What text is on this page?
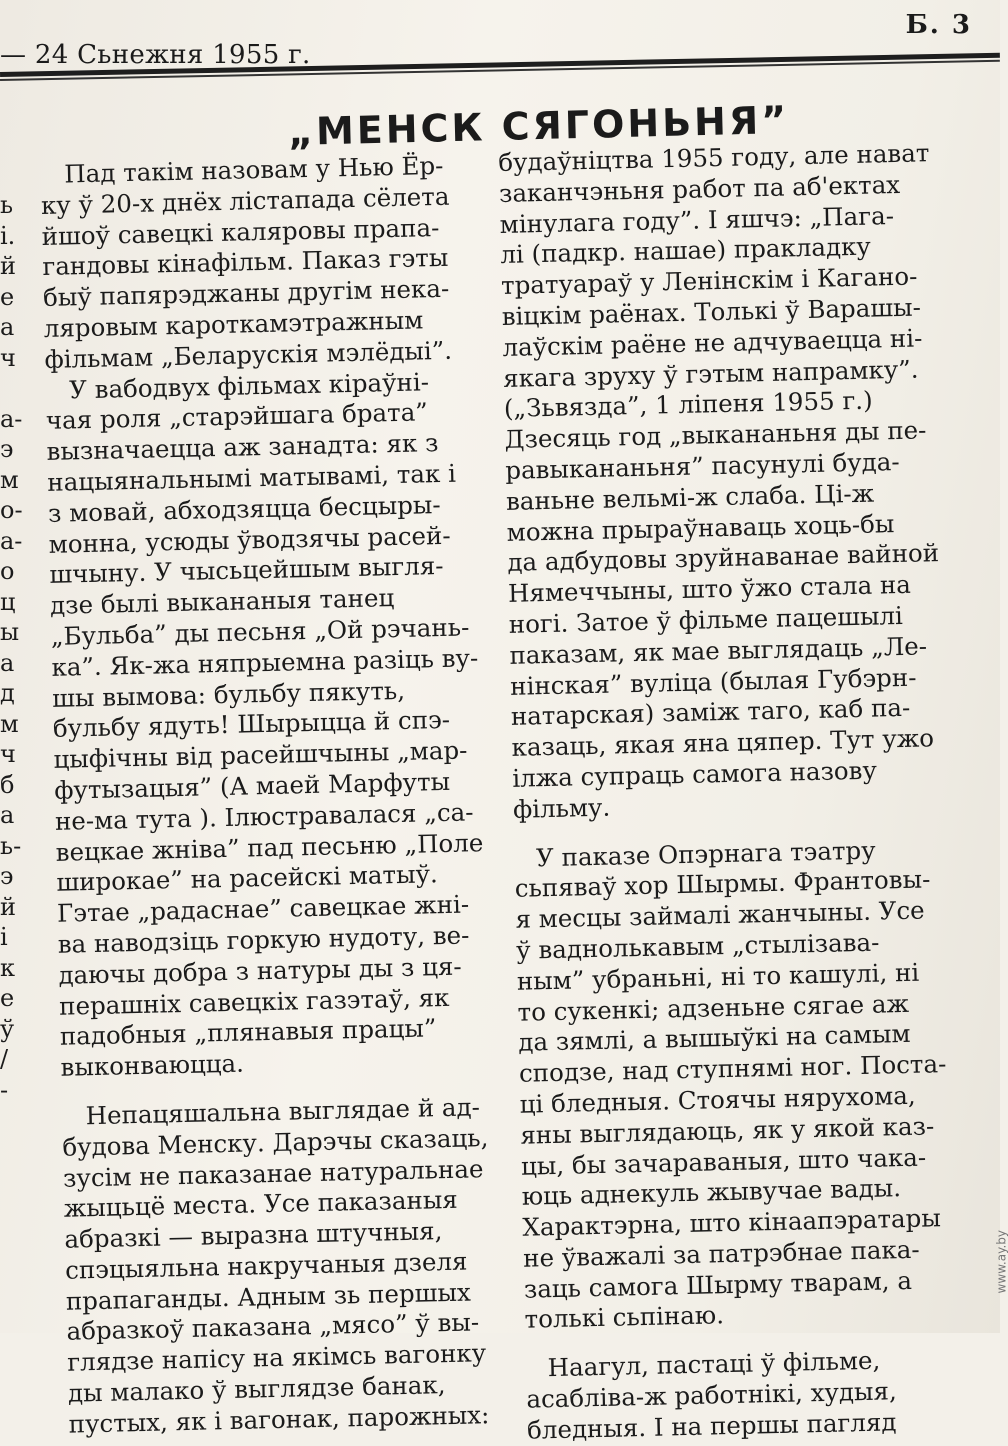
— 24 Сьнежня 1955 г.
Б. 3
ь
і.
й
е
а
ч
а-
э
м
о-
а-
о
ц
ы
а
д
м
ч
б
а
ь-
э
й
і
к
е
ў
/
-
„МЕНСК СЯГОНЬНЯ”
Пад такім назовам у Нью Ёр-
ку ў 20-х днёх лістапада сёлета
йшоў савецкі каляровы прапа-
гандовы кінафільм. Паказ гэты
быў папярэджаны другім нека-
ляровым кароткамэтражным
фільмам „Беларускія мэлёдыі”.
У вабодвух фільмах кіраўні-
чая роля „старэйшага брата”
вызначаецца аж занадта: як з
нацыянальнымі матывамі, так і
з мовай, абходзяцца бесцыры-
монна, усюды ўводзячы расей-
шчыну. У чысьцейшым выгля-
дзе былі выкананыя танец
„Бульба” ды песьня „Ой рэчань-
ка”. Як-жа няпрыемна разіць ву-
шы вымова: бульбу пякуть,
бульбу ядуть! Шырыцца й спэ-
цыфічны від расейшчыны „мар-
футызацыя” (А маей Марфуты
не-ма тута ). Ілюстравалася „са-
вецкае жніва” пад песьню „Поле
широкае” на расейскі матыў.
Гэтае „радаснае” савецкае жні-
ва наводзіць горкую нудоту, ве-
даючы добра з натуры ды з ця-
перашніх савецкіх газэтаў, як
падобныя „плянавыя працы”
выконваюцца.
Непацяшальна выглядае й ад-
будова Менску. Дарэчы сказаць,
зусім не паказанае натуральнае
жыцьцё места. Усе паказаныя
абразкі — выразна штучныя,
спэцыяльна накручаныя дзеля
прапаганды. Адным зь першых
абразкоў паказана „мясо” ў вы-
глядзе напісу на якімсь вагонку
ды малако ў выглядзе банак,
пустых, як і вагонак, парожных:
будаўніцтва 1955 году, але нават
заканчэньня работ па аб'ектах
мінулага году”. І яшчэ: „Пага-
лі (падкр. нашае) пракладку
тратуараў у Ленінскім і Кагано-
віцкім раёнах. Толькі ў Варашы-
лаўскім раёне не адчуваецца ні-
якага зруху ў гэтым напрамку”.
(„Зьвязда”, 1 ліпеня 1955 г.)
Дзесяць год „выкананьня ды пе-
равыкананьня” пасунулі буда-
ваньне вельмі-ж слаба. Ці-ж
можна прыраўнаваць хоць-бы
да адбудовы зруйнаванае вайной
Нямеччыны, што ўжо стала на
ногі. Затое ў фільме пацешылі
паказам, як мае выглядаць „Ле-
нінская” вуліца (былая Губэрн-
натарская) заміж таго, каб па-
казаць, якая яна цяпер. Тут ужо
ілжа супраць самога назову
фільму.
У паказе Опэрнага тэатру
сьпяваў хор Шырмы. Франтовы-
я месцы займалі жанчыны. Усе
ў ваднолькавым „стылізава-
ным” убраньні, ні то кашулі, ні
то сукенкі; адзеньне сягае аж
да зямлі, а вышыўкі на самым
сподзе, над ступнямі ног. Поста-
ці бледныя. Стоячы нярухома,
яны выглядаюць, як у якой каз-
цы, бы зачараваныя, што чака-
юць аднекуль жывучае вады.
Характэрна, што кінаапэратары
не ўважалі за патрэбнае пака-
заць самога Шырму тварам, а
толькі сьпінаю.
Наагул, пастаці ў фільме,
асабліва-ж работнікі, худыя,
бледныя. І на першы пагляд
www.ay.by
